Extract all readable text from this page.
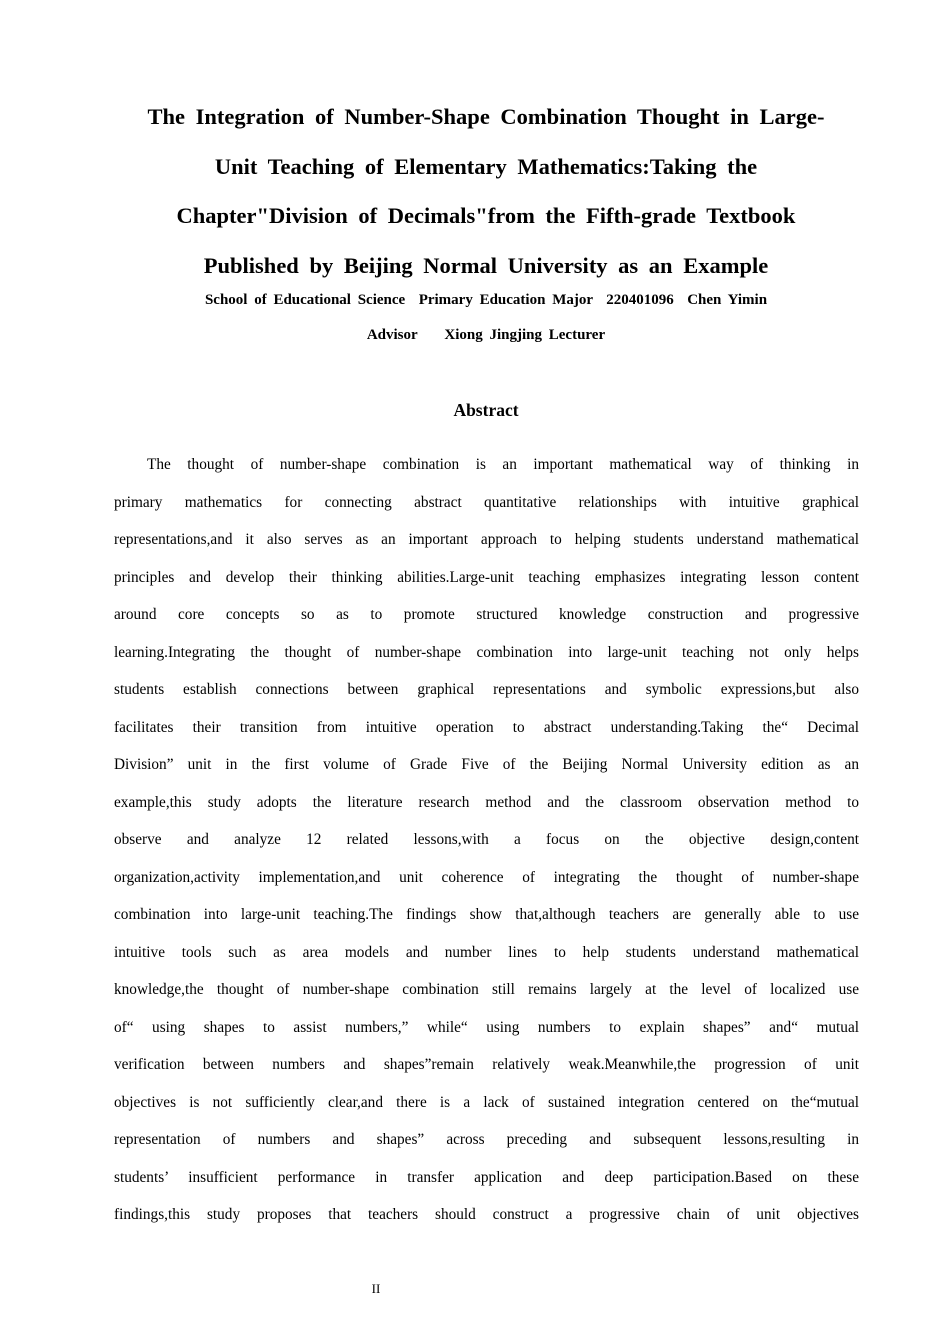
The Integration of Number-Shape Combination Thought in Large-

Unit Teaching of Elementary Mathematics:Taking the

Chapter"Division of Decimals"from the Fifth-grade Textbook

Published by Beijing Normal University as an Example

School of Educational Science  Primary Education Major  220401096  Chen Yimin
Advisor    Xiong Jingjing Lecturer
Abstract
The thought of number-shape combination is an important mathematical way of thinking in
primary mathematics for connecting abstract quantitative relationships with intuitive graphical
representations,and it also serves as an important approach to helping students understand mathematical
principles and develop their thinking abilities.Large-unit teaching emphasizes integrating lesson content
around core concepts so as to promote structured knowledge construction and progressive
learning.Integrating the thought of number-shape combination into large-unit teaching not only helps
students establish connections between graphical representations and symbolic expressions,but also
facilitates their transition from intuitive operation to abstract understanding.Taking the“ Decimal
Division” unit in the first volume of Grade Five of the Beijing Normal University edition as an
example,this study adopts the literature research method and the classroom observation method to
observe and analyze 12 related lessons,with a focus on the objective design,content
organization,activity implementation,and unit coherence of integrating the thought of number-shape
combination into large-unit teaching.The findings show that,although teachers are generally able to use
intuitive tools such as area models and number lines to help students understand mathematical
knowledge,the thought of number-shape combination still remains largely at the level of localized use
of“ using shapes to assist numbers,” while“ using numbers to explain shapes” and“ mutual
verification between numbers and shapes”remain relatively weak.Meanwhile,the progression of unit
objectives is not sufficiently clear,and there is a lack of sustained integration centered on the“mutual
representation of numbers and shapes” across preceding and subsequent lessons,resulting in
students’ insufficient performance in transfer application and deep participation.Based on these
findings,this study proposes that teachers should construct a progressive chain of unit objectives
II
